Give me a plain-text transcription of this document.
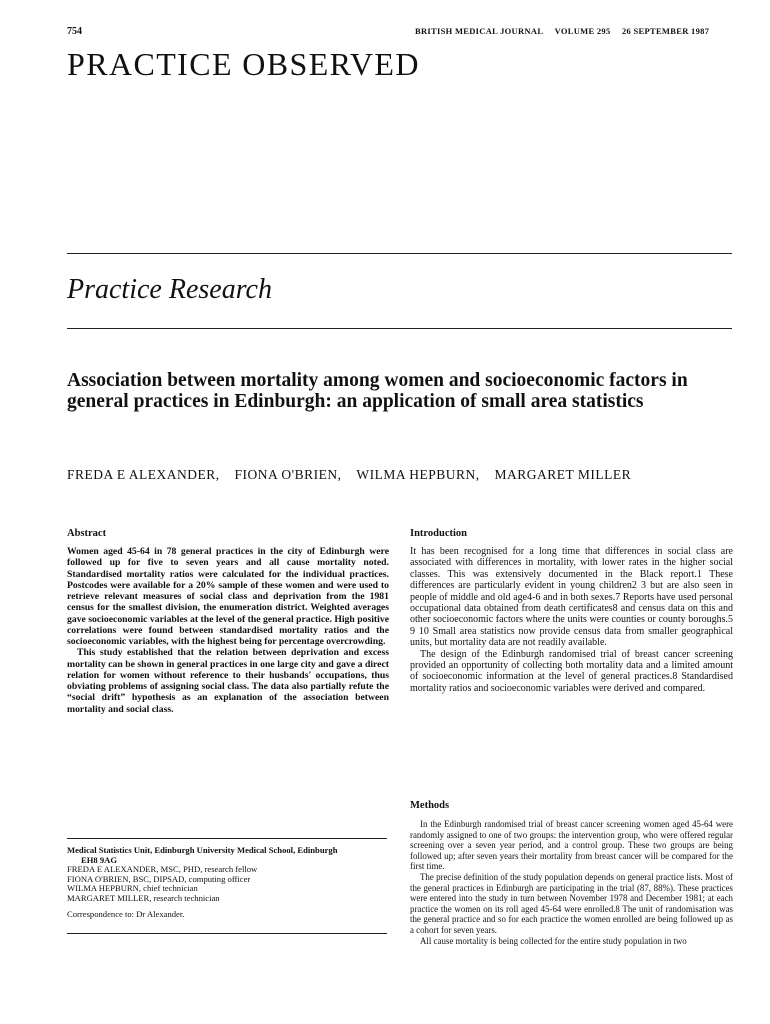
754	BRITISH MEDICAL JOURNAL VOLUME 295 26 SEPTEMBER 1987
PRACTICE OBSERVED
Practice Research
Association between mortality among women and socioeconomic factors in general practices in Edinburgh: an application of small area statistics
FREDA E ALEXANDER, FIONA O'BRIEN, WILMA HEPBURN, MARGARET MILLER
Abstract

Women aged 45-64 in 78 general practices in the city of Edinburgh were followed up for five to seven years and all cause mortality noted. Standardised mortality ratios were calculated for the individual practices. Postcodes were available for a 20% sample of these women and were used to retrieve relevant measures of social class and deprivation from the 1981 census for the smallest division, the enumeration district. Weighted averages gave socioeconomic variables at the level of the general practice. High positive correlations were found between standardised mortality ratios and the socioeconomic variables, with the highest being for percentage overcrowding.

This study established that the relation between deprivation and excess mortality can be shown in general practices in one large city and gave a direct relation for women without reference to their husbands' occupations, thus obviating problems of assigning social class. The data also partially refute the “social drift” hypothesis as an explanation of the association between mortality and social class.

Medical Statistics Unit, Edinburgh University Medical School, Edinburgh
EH8 9AG
FREDA E ALEXANDER, MSC, PHD, research fellow
FIONA O'BRIEN, BSC, DIPSAD, computing officer
WILMA HEPBURN, chief technician
MARGARET MILLER, research technician
Correspondence to: Dr Alexander.
Introduction

It has been recognised for a long time that differences in social class are associated with differences in mortality, with lower rates in the higher social classes. This was extensively documented in the Black report.1 These differences are particularly evident in young children2 3 but are also seen in people of middle and old age4-6 and in both sexes.7 Reports have used personal occupational data obtained from death certificates8 and census data on this and other socioeconomic factors where the units were counties or county boroughs.5 9 10 Small area statistics now provide census data from smaller geographical units, but mortality data are not readily available.

The design of the Edinburgh randomised trial of breast cancer screening provided an opportunity of collecting both mortality data and a limited amount of socioeconomic information at the level of general practices.8 Standardised mortality ratios and socioeconomic variables were derived and compared.

Methods

In the Edinburgh randomised trial of breast cancer screening women aged 45-64 were randomly assigned to one of two groups: the intervention group, who were offered regular screening over a seven year period, and a control group. These two groups are being followed up; after seven years their mortality from breast cancer will be compared for the first time.

The precise definition of the study population depends on general practice lists. Most of the general practices in Edinburgh are participating in the trial (87, 88%). These practices were entered into the study in turn between November 1978 and December 1981; at each practice the women on its roll aged 45-64 were enrolled.8 The unit of randomisation was the general practice and so for each practice the women enrolled are being followed up as a cohort for seven years.

All cause mortality is being collected for the entire study population in two
